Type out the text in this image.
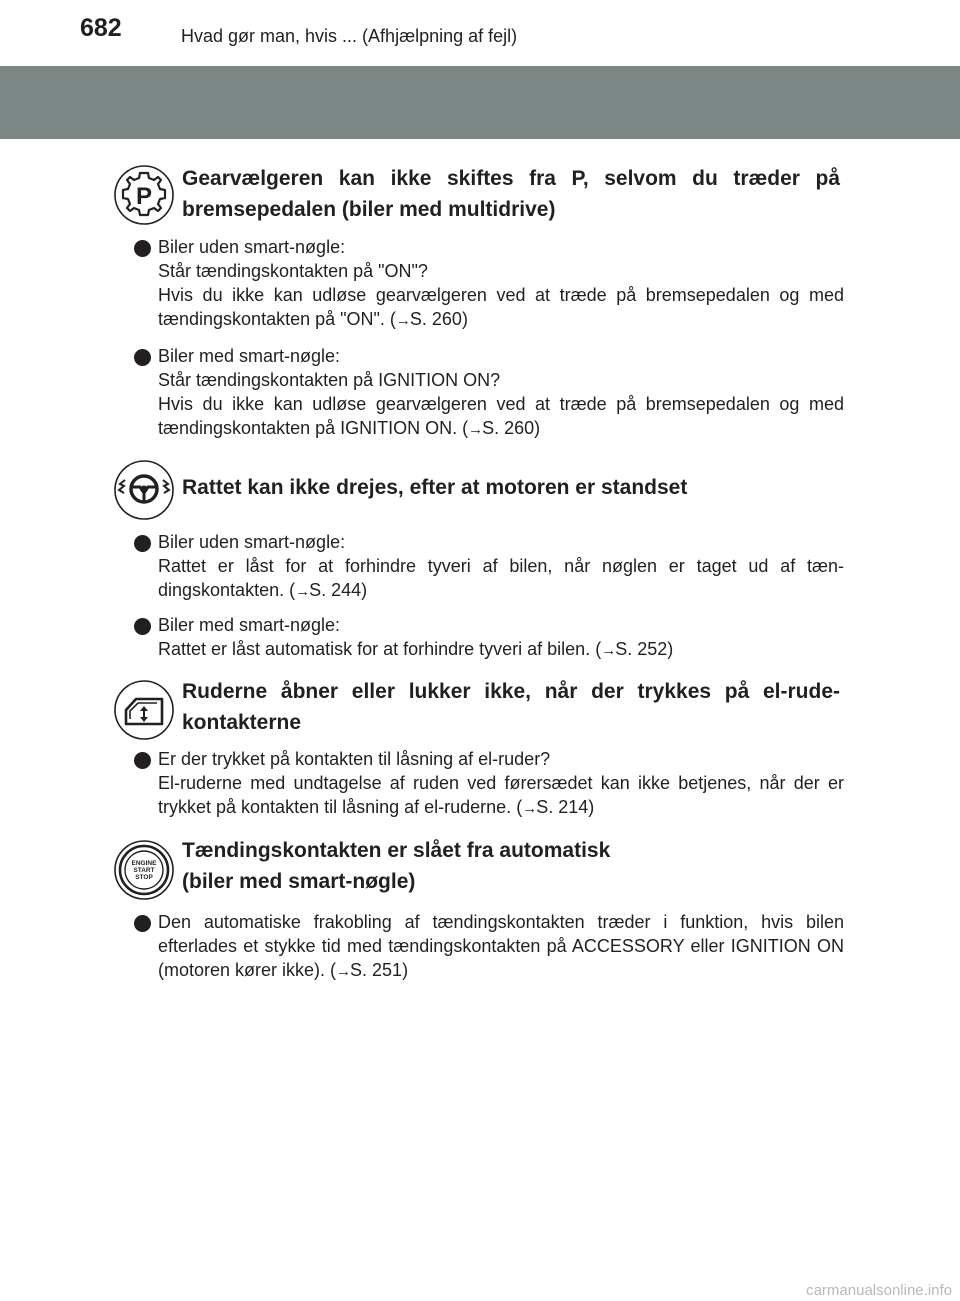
682	Hvad gør man, hvis ... (Afhjælpning af fejl)
P
Gearvælgeren kan ikke skiftes fra P, selvom du træder på bremsepedalen (biler med multidrive)
Biler uden smart-nøgle:
Står tændingskontakten på "ON"?
Hvis du ikke kan udløse gearvælgeren ved at træde på bremsepedalen og med tændingskontakten på "ON". (→S. 260)
Biler med smart-nøgle:
Står tændingskontakten på IGNITION ON?
Hvis du ikke kan udløse gearvælgeren ved at træde på bremsepedalen og med tændingskontakten på IGNITION ON. (→S. 260)
Rattet kan ikke drejes, efter at motoren er standset
Biler uden smart-nøgle:
Rattet er låst for at forhindre tyveri af bilen, når nøglen er taget ud af tæn-dingskontakten. (→S. 244)
Biler med smart-nøgle:
Rattet er låst automatisk for at forhindre tyveri af bilen. (→S. 252)
Ruderne åbner eller lukker ikke, når der trykkes på el-rude-kontakterne
Er der trykket på kontakten til låsning af el-ruder?
El-ruderne med undtagelse af ruden ved førersædet kan ikke betjenes, når der er trykket på kontakten til låsning af el-ruderne. (→S. 214)
ENGINE
START
STOP
Tændingskontakten er slået fra automatisk
(biler med smart-nøgle)
Den automatiske frakobling af tændingskontakten træder i funktion, hvis bilen efterlades et stykke tid med tændingskontakten på ACCESSORY eller IGNITION ON (motoren kører ikke). (→S. 251)
carmanualsonline.info
